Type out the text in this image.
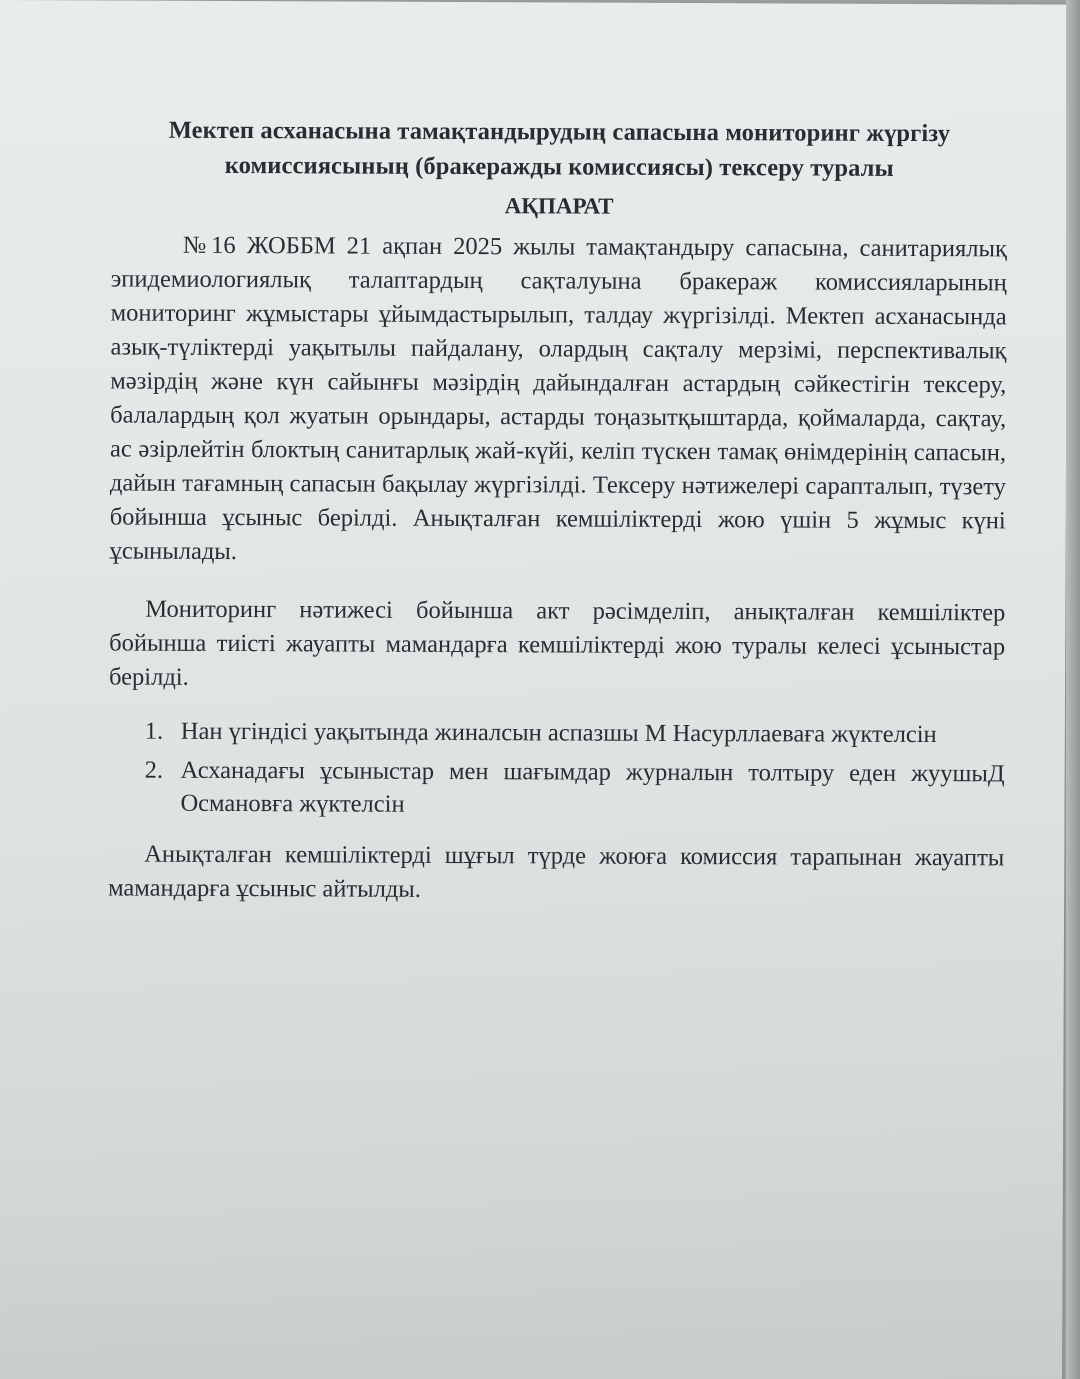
Мектеп асханасына тамақтандырудың сапасына мониторинг жүргізу
комиссиясының (бракеражды комиссиясы) тексеру туралы

АҚПАРАТ

№16 ЖОББМ 21 ақпан 2025 жылы тамақтандыру сапасына, санитариялық эпидемиологиялық талаптардың сақталуына бракераж комиссияларының мониторинг жұмыстары ұйымдастырылып, талдау жүргізілді. Мектеп асханасында азық-түліктерді уақытылы пайдалану, олардың сақталу мерзімі, перспективалық мәзірдің және күн сайынғы мәзірдің дайындалған астардың сәйкестігін тексеру, балалардың қол жуатын орындары, астарды тоңазытқыштарда, қоймаларда, сақтау, ас әзірлейтін блоктың санитарлық жай-күйі, келіп түскен тамақ өнімдерінің сапасын, дайын тағамның сапасын бақылау жүргізілді. Тексеру нәтижелері сарапталып, түзету бойынша ұсыныс берілді. Анықталған кемшіліктерді жою үшін 5 жұмыс күні ұсынылады.

Мониторинг нәтижесі бойынша акт рәсімделіп, анықталған кемшіліктер бойынша тиісті жауапты мамандарға кемшіліктерді жою туралы келесі ұсыныстар берілді.

1. Нан үгіндісі уақытында жиналсын аспазшы М Насурллаеваға жүктелсін
2. Асханадағы ұсыныстар мен шағымдар журналын толтыру еден жуушыД Османовға жүктелсін

Анықталған кемшіліктерді шұғыл түрде жоюға комиссия тарапынан жауапты мамандарға ұсыныс айтылды.
